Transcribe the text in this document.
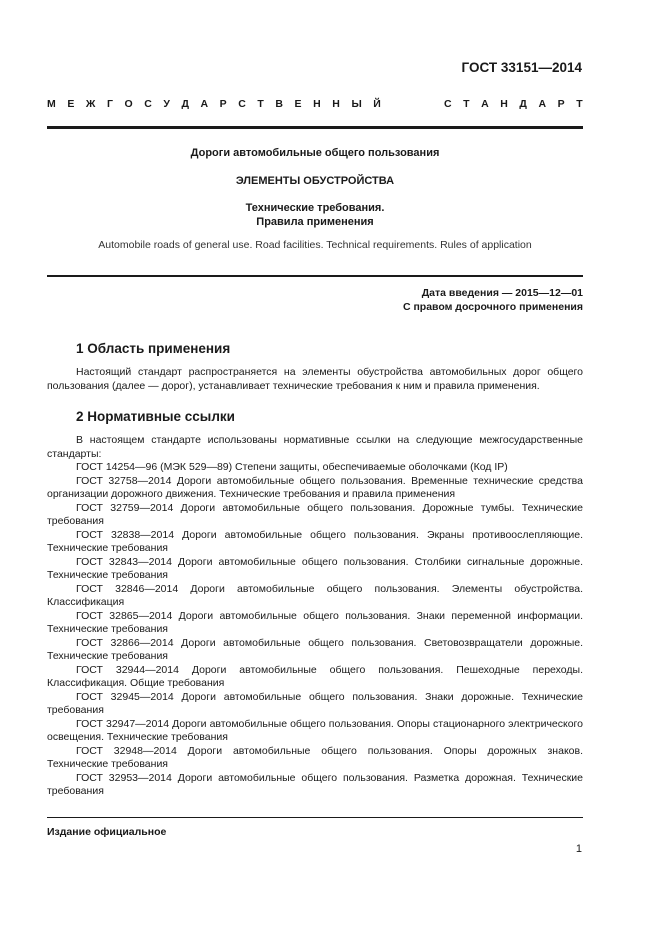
ГОСТ 33151—2014
М Е Ж Г О С У Д А Р С Т В Е Н Н Ы Й	С Т А Н Д А Р Т
Дороги автомобильные общего пользования
ЭЛЕМЕНТЫ ОБУСТРОЙСТВА
Технические требования.
Правила применения
Automobile roads of general use. Road facilities. Technical requirements. Rules of application
Дата введения — 2015—12—01
С правом досрочного применения
1 Область применения

Настоящий стандарт распространяется на элементы обустройства автомобильных дорог общего пользования (далее — дорог), устанавливает технические требования к ним и правила применения.

2 Нормативные ссылки

В настоящем стандарте использованы нормативные ссылки на следующие межгосударственные стандарты:

ГОСТ 14254—96 (МЭК 529—89) Степени защиты, обеспечиваемые оболочками (Код IP)

ГОСТ 32758—2014 Дороги автомобильные общего пользования. Временные технические средства организации дорожного движения. Технические требования и правила применения

ГОСТ 32759—2014 Дороги автомобильные общего пользования. Дорожные тумбы. Технические требования

ГОСТ 32838—2014 Дороги автомобильные общего пользования. Экраны противоослепляющие. Технические требования

ГОСТ 32843—2014 Дороги автомобильные общего пользования. Столбики сигнальные дорожные. Технические требования

ГОСТ 32846—2014 Дороги автомобильные общего пользования. Элементы обустройства. Классификация

ГОСТ 32865—2014 Дороги автомобильные общего пользования. Знаки переменной информации. Технические требования

ГОСТ 32866—2014 Дороги автомобильные общего пользования. Световозвращатели дорожные. Технические требования

ГОСТ 32944—2014 Дороги автомобильные общего пользования. Пешеходные переходы. Классификация. Общие требования

ГОСТ 32945—2014 Дороги автомобильные общего пользования. Знаки дорожные. Технические требования

ГОСТ 32947—2014 Дороги автомобильные общего пользования. Опоры стационарного электрического освещения. Технические требования

ГОСТ 32948—2014 Дороги автомобильные общего пользования. Опоры дорожных знаков. Технические требования

ГОСТ 32953—2014 Дороги автомобильные общего пользования. Разметка дорожная. Технические требования

Издание официальное
1
